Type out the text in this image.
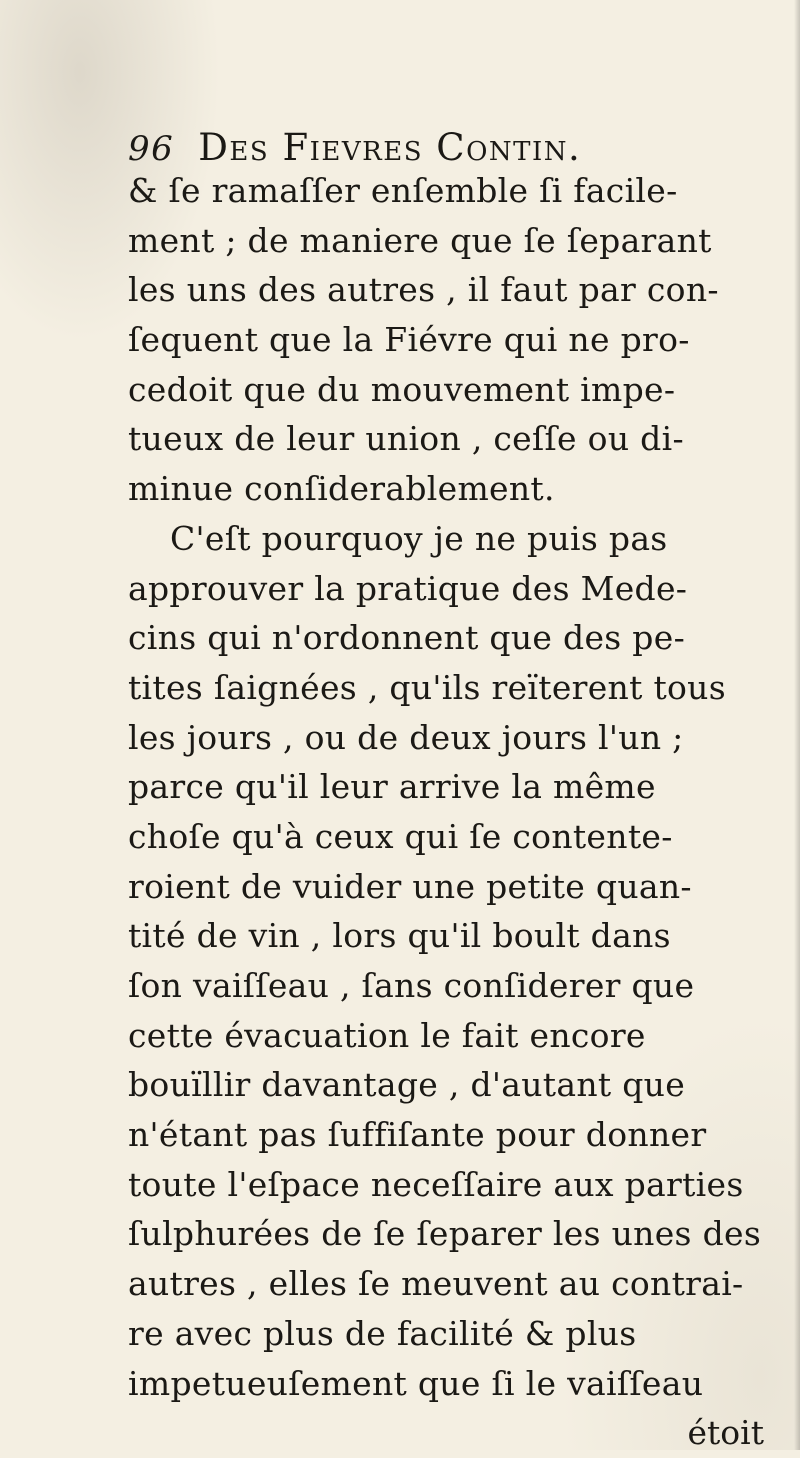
96 Des Fievres Contin.
& ſe ramaſſer enſemble ſi facile-
ment ; de maniere que ſe ſeparant
les uns des autres , il faut par con-
ſequent que la Fiévre qui ne pro-
cedoit que du mouvement impe-
tueux de leur union , ceſſe ou di-
minue conſiderablement.
C'eſt pourquoy je ne puis pas
approuver la pratique des Mede-
cins qui n'ordonnent que des pe-
tites ſaignées , qu'ils reïterent tous
les jours , ou de deux jours l'un ;
parce qu'il leur arrive la même
choſe qu'à ceux qui ſe contente-
roient de vuider une petite quan-
tité de vin , lors qu'il boult dans
ſon vaiſſeau , ſans conſiderer que
cette évacuation le fait encore
bouïllir davantage , d'autant que
n'étant pas ſuffiſante pour donner
toute l'eſpace neceſſaire aux parties
ſulphurées de ſe ſeparer les unes des
autres , elles ſe meuvent au contrai-
re avec plus de facilité & plus
impetueuſement que ſi le vaiſſeau
étoit
